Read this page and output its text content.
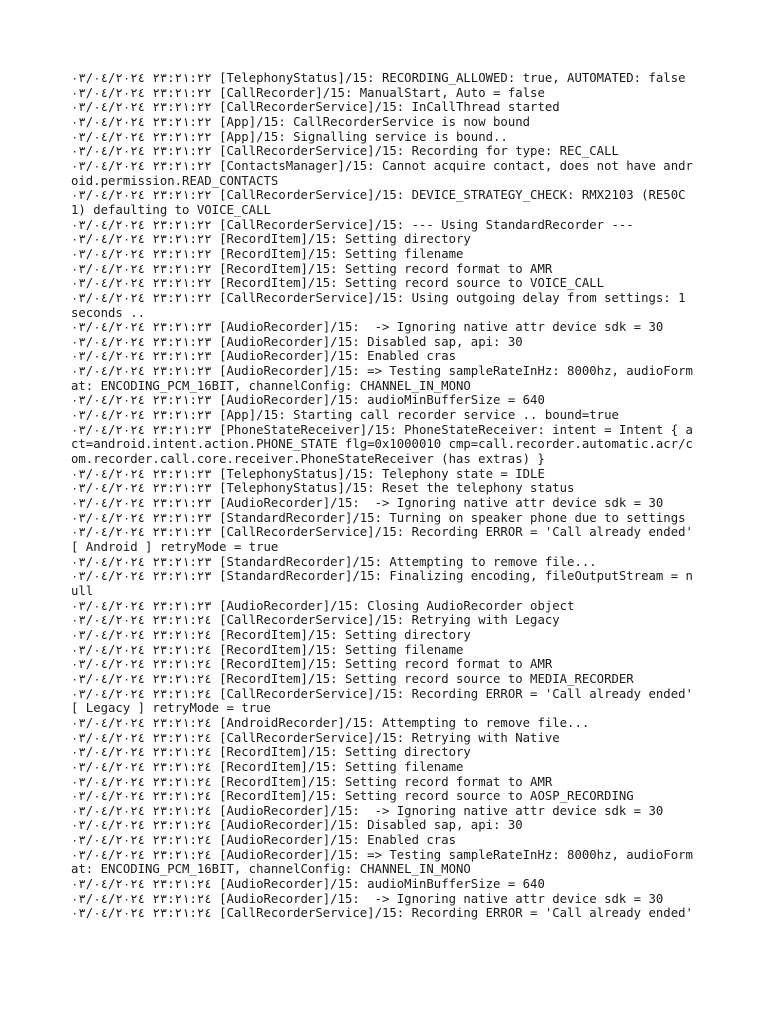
٢٣:٢١:٢٢ ٠٣/٠٤/٢٠٢٤ [TelephonyStatus]/15: RECORDING_ALLOWED: true, AUTOMATED: false
٢٣:٢١:٢٢ ٠٣/٠٤/٢٠٢٤ [CallRecorder]/15: ManualStart, Auto = false
٢٣:٢١:٢٢ ٠٣/٠٤/٢٠٢٤ [CallRecorderService]/15: InCallThread started
٢٣:٢١:٢٢ ٠٣/٠٤/٢٠٢٤ [App]/15: CallRecorderService is now bound
٢٣:٢١:٢٢ ٠٣/٠٤/٢٠٢٤ [App]/15: Signalling service is bound..
٢٣:٢١:٢٢ ٠٣/٠٤/٢٠٢٤ [CallRecorderService]/15: Recording for type: REC_CALL
٢٣:٢١:٢٢ ٠٣/٠٤/٢٠٢٤ [ContactsManager]/15: Cannot acquire contact, does not have android.permission.READ_CONTACTS
٢٣:٢١:٢٢ ٠٣/٠٤/٢٠٢٤ [CallRecorderService]/15: DEVICE_STRATEGY_CHECK: RMX2103 (RE50C1) defaulting to VOICE_CALL
٢٣:٢١:٢٢ ٠٣/٠٤/٢٠٢٤ [CallRecorderService]/15: --- Using StandardRecorder ---
٢٣:٢١:٢٢ ٠٣/٠٤/٢٠٢٤ [RecordItem]/15: Setting directory
٢٣:٢١:٢٢ ٠٣/٠٤/٢٠٢٤ [RecordItem]/15: Setting filename
٢٣:٢١:٢٢ ٠٣/٠٤/٢٠٢٤ [RecordItem]/15: Setting record format to AMR
٢٣:٢١:٢٢ ٠٣/٠٤/٢٠٢٤ [RecordItem]/15: Setting record source to VOICE_CALL
٢٣:٢١:٢٢ ٠٣/٠٤/٢٠٢٤ [CallRecorderService]/15: Using outgoing delay from settings: 1 seconds ..
٢٣:٢١:٢٣ ٠٣/٠٤/٢٠٢٤ [AudioRecorder]/15:  -> Ignoring native attr device sdk = 30
٢٣:٢١:٢٣ ٠٣/٠٤/٢٠٢٤ [AudioRecorder]/15: Disabled sap, api: 30
٢٣:٢١:٢٣ ٠٣/٠٤/٢٠٢٤ [AudioRecorder]/15: Enabled cras
٢٣:٢١:٢٣ ٠٣/٠٤/٢٠٢٤ [AudioRecorder]/15: => Testing sampleRateInHz: 8000hz, audioFormat: ENCODING_PCM_16BIT, channelConfig: CHANNEL_IN_MONO
٢٣:٢١:٢٣ ٠٣/٠٤/٢٠٢٤ [AudioRecorder]/15: audioMinBufferSize = 640
٢٣:٢١:٢٣ ٠٣/٠٤/٢٠٢٤ [App]/15: Starting call recorder service .. bound=true
٢٣:٢١:٢٣ ٠٣/٠٤/٢٠٢٤ [PhoneStateReceiver]/15: PhoneStateReceiver: intent = Intent { act=android.intent.action.PHONE_STATE flg=0x1000010 cmp=call.recorder.automatic.acr/com.recorder.call.core.receiver.PhoneStateReceiver (has extras) }
٢٣:٢١:٢٣ ٠٣/٠٤/٢٠٢٤ [TelephonyStatus]/15: Telephony state = IDLE
٢٣:٢١:٢٣ ٠٣/٠٤/٢٠٢٤ [TelephonyStatus]/15: Reset the telephony status
٢٣:٢١:٢٣ ٠٣/٠٤/٢٠٢٤ [AudioRecorder]/15:  -> Ignoring native attr device sdk = 30
٢٣:٢١:٢٣ ٠٣/٠٤/٢٠٢٤ [StandardRecorder]/15: Turning on speaker phone due to settings
٢٣:٢١:٢٣ ٠٣/٠٤/٢٠٢٤ [CallRecorderService]/15: Recording ERROR = 'Call already ended' [ Android ] retryMode = true
٢٣:٢١:٢٣ ٠٣/٠٤/٢٠٢٤ [StandardRecorder]/15: Attempting to remove file...
٢٣:٢١:٢٣ ٠٣/٠٤/٢٠٢٤ [StandardRecorder]/15: Finalizing encoding, fileOutputStream = null
٢٣:٢١:٢٣ ٠٣/٠٤/٢٠٢٤ [AudioRecorder]/15: Closing AudioRecorder object
٢٣:٢١:٢٤ ٠٣/٠٤/٢٠٢٤ [CallRecorderService]/15: Retrying with Legacy
٢٣:٢١:٢٤ ٠٣/٠٤/٢٠٢٤ [RecordItem]/15: Setting directory
٢٣:٢١:٢٤ ٠٣/٠٤/٢٠٢٤ [RecordItem]/15: Setting filename
٢٣:٢١:٢٤ ٠٣/٠٤/٢٠٢٤ [RecordItem]/15: Setting record format to AMR
٢٣:٢١:٢٤ ٠٣/٠٤/٢٠٢٤ [RecordItem]/15: Setting record source to MEDIA_RECORDER
٢٣:٢١:٢٤ ٠٣/٠٤/٢٠٢٤ [CallRecorderService]/15: Recording ERROR = 'Call already ended' [ Legacy ] retryMode = true
٢٣:٢١:٢٤ ٠٣/٠٤/٢٠٢٤ [AndroidRecorder]/15: Attempting to remove file...
٢٣:٢١:٢٤ ٠٣/٠٤/٢٠٢٤ [CallRecorderService]/15: Retrying with Native
٢٣:٢١:٢٤ ٠٣/٠٤/٢٠٢٤ [RecordItem]/15: Setting directory
٢٣:٢١:٢٤ ٠٣/٠٤/٢٠٢٤ [RecordItem]/15: Setting filename
٢٣:٢١:٢٤ ٠٣/٠٤/٢٠٢٤ [RecordItem]/15: Setting record format to AMR
٢٣:٢١:٢٤ ٠٣/٠٤/٢٠٢٤ [RecordItem]/15: Setting record source to AOSP_RECORDING
٢٣:٢١:٢٤ ٠٣/٠٤/٢٠٢٤ [AudioRecorder]/15:  -> Ignoring native attr device sdk = 30
٢٣:٢١:٢٤ ٠٣/٠٤/٢٠٢٤ [AudioRecorder]/15: Disabled sap, api: 30
٢٣:٢١:٢٤ ٠٣/٠٤/٢٠٢٤ [AudioRecorder]/15: Enabled cras
٢٣:٢١:٢٤ ٠٣/٠٤/٢٠٢٤ [AudioRecorder]/15: => Testing sampleRateInHz: 8000hz, audioFormat: ENCODING_PCM_16BIT, channelConfig: CHANNEL_IN_MONO
٢٣:٢١:٢٤ ٠٣/٠٤/٢٠٢٤ [AudioRecorder]/15: audioMinBufferSize = 640
٢٣:٢١:٢٤ ٠٣/٠٤/٢٠٢٤ [AudioRecorder]/15:  -> Ignoring native attr device sdk = 30
٢٣:٢١:٢٤ ٠٣/٠٤/٢٠٢٤ [CallRecorderService]/15: Recording ERROR = 'Call already ended'
